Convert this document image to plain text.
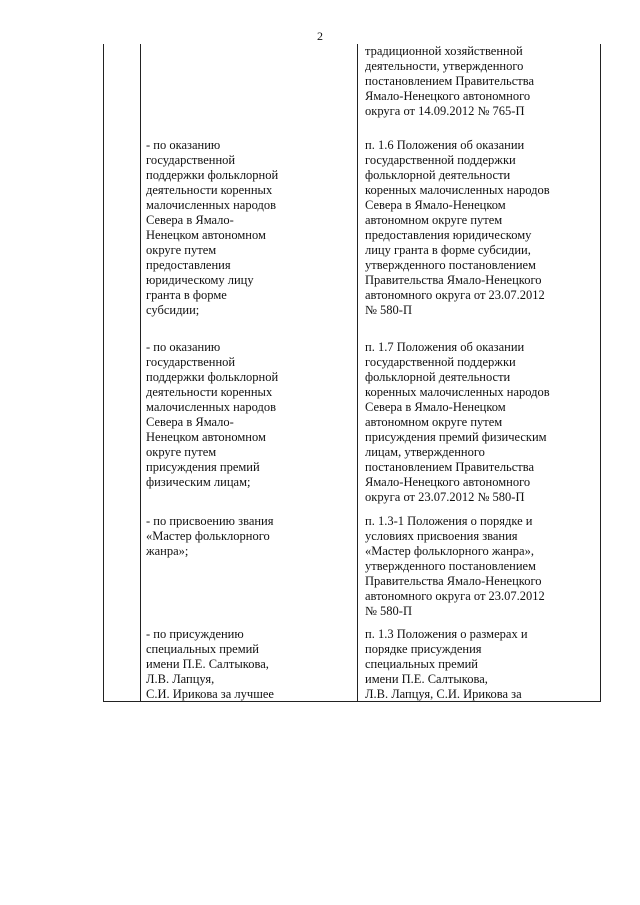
2
традиционной хозяйственной
деятельности, утвержденного
постановлением Правительства
Ямало-Ненецкого автономного
округа от 14.09.2012 № 765-П
- по оказанию
государственной
поддержки фольклорной
деятельности коренных
малочисленных народов
Севера в Ямало-
Ненецком автономном
округе путем
предоставления
юридическому лицу
гранта в форме
субсидии;
п. 1.6 Положения об оказании
государственной поддержки
фольклорной деятельности
коренных малочисленных народов
Севера в Ямало-Ненецком
автономном округе путем
предоставления юридическому
лицу гранта в форме субсидии,
утвержденного постановлением
Правительства Ямало-Ненецкого
автономного округа от 23.07.2012
№ 580-П
- по оказанию
государственной
поддержки фольклорной
деятельности коренных
малочисленных народов
Севера в Ямало-
Ненецком автономном
округе путем
присуждения премий
физическим лицам;
п. 1.7 Положения об оказании
государственной поддержки
фольклорной деятельности
коренных малочисленных народов
Севера в Ямало-Ненецком
автономном округе путем
присуждения премий физическим
лицам, утвержденного
постановлением Правительства
Ямало-Ненецкого автономного
округа от 23.07.2012 № 580-П
- по присвоению звания
«Мастер фольклорного
жанра»;
п. 1.3-1 Положения о порядке и
условиях присвоения звания
«Мастер фольклорного жанра»,
утвержденного постановлением
Правительства Ямало-Ненецкого
автономного округа от 23.07.2012
№ 580-П
- по присуждению
специальных премий
имени П.Е. Салтыкова,
Л.В. Лапцуя,
С.И. Ирикова за лучшее
п. 1.3 Положения о размерах и
порядке присуждения
специальных премий
имени П.Е. Салтыкова,
Л.В. Лапцуя, С.И. Ирикова за
